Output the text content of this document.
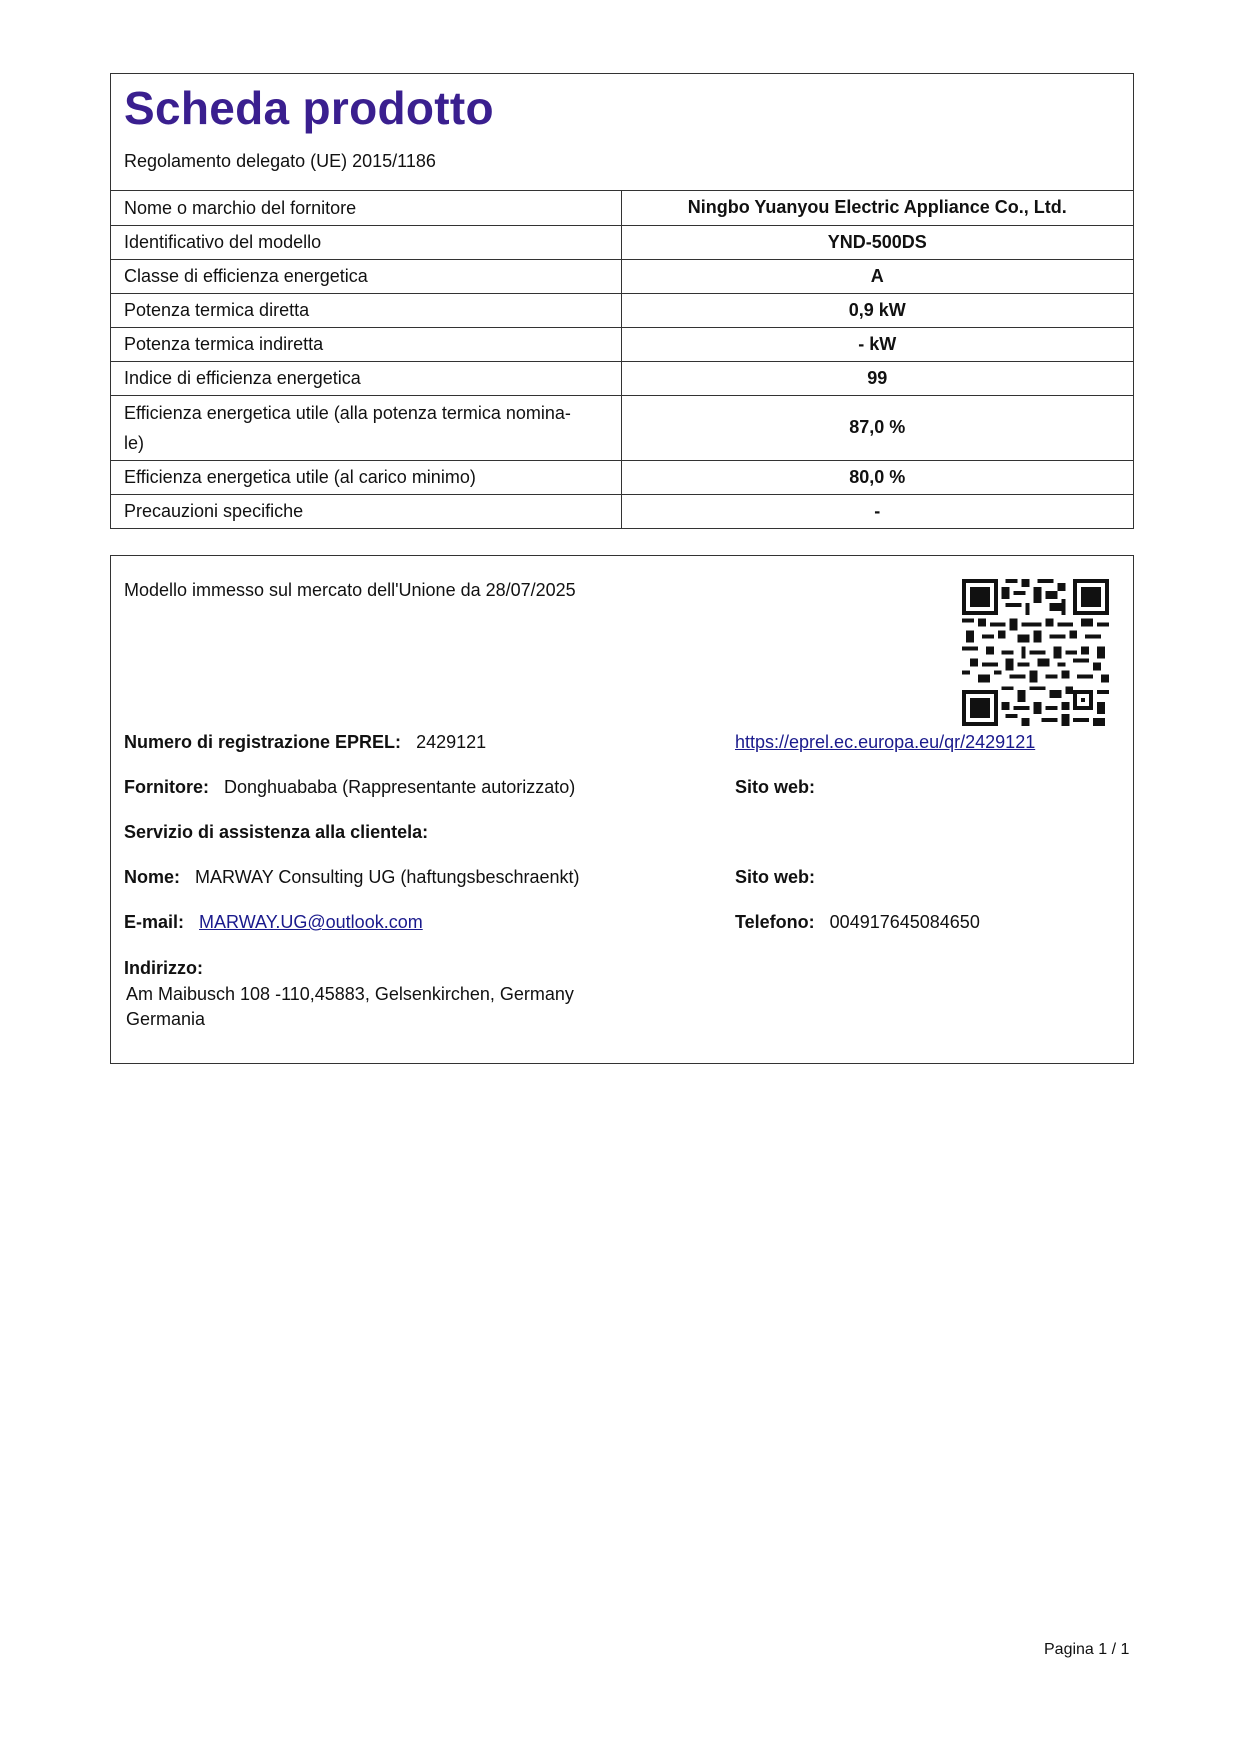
Scheda prodotto
Regolamento delegato (UE) 2015/1186
Nome o marchio del fornitore	Ningbo Yuanyou Electric Appliance Co., Ltd.
Identificativo del modello	YND-500DS
Classe di efficienza energetica	A
Potenza termica diretta	0,9 kW
Potenza termica indiretta	- kW
Indice di efficienza energetica	99
Efficienza energetica utile (alla potenza termica nomina-
le)	87,0 %
Efficienza energetica utile (al carico minimo)	80,0 %
Precauzioni specifiche	-
Modello immesso sul mercato dell'Unione da 28/07/2025
Numero di registrazione EPREL: 2429121	https://eprel.ec.europa.eu/qr/2429121
Fornitore: Donghuababa (Rappresentante autorizzato)	Sito web:
Servizio di assistenza alla clientela:
Nome: MARWAY Consulting UG (haftungsbeschraenkt)	Sito web:
E-mail: MARWAY.UG@outlook.com	Telefono: 004917645084650
Indirizzo:
Am Maibusch 108 -110,45883, Gelsenkirchen, Germany
Germania
Pagina 1 / 1
